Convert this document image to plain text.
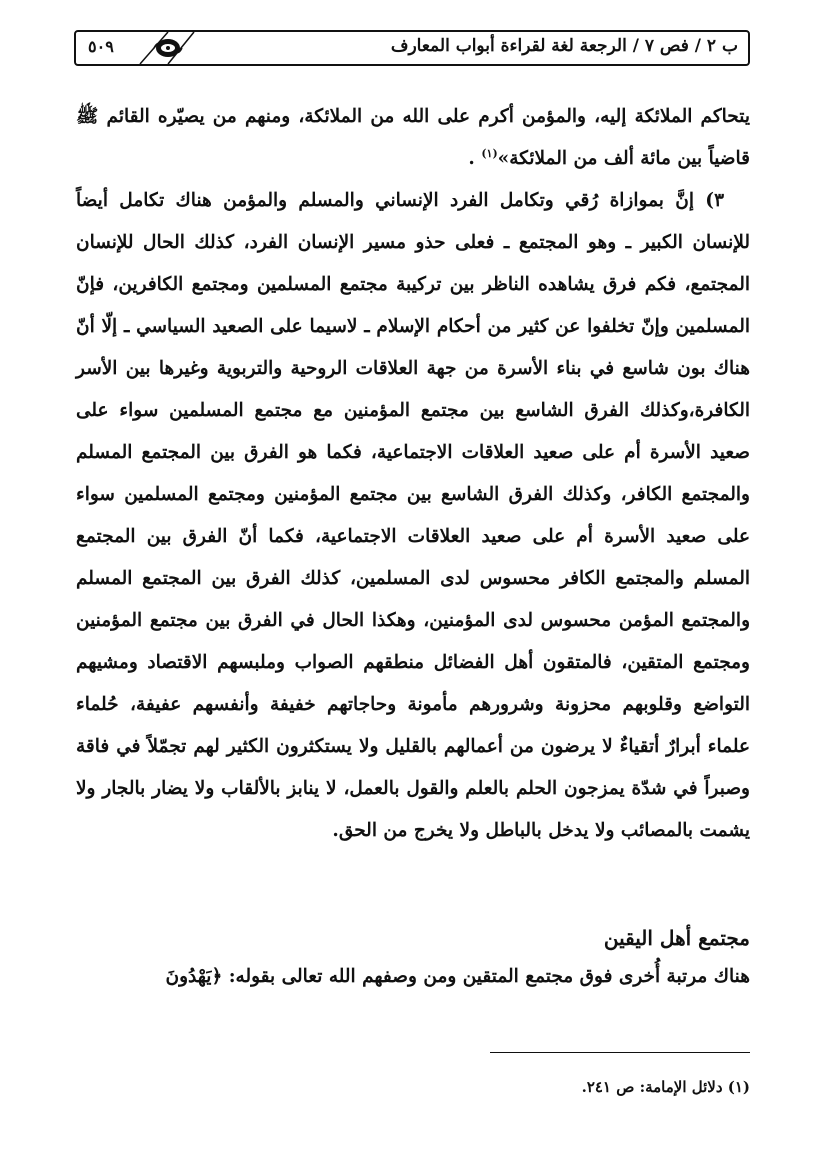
ب ٢ / فص ٧ / الرجعة لغة لقراءة أبواب المعارف
٥٠٩

يتحاكم الملائكة إليه، والمؤمن أكرم على الله من الملائكة، ومنهم من يصيّره القائم ﷺ قاضياً بين مائة ألف من الملائكة»$^{(١)}$ .

٣) إنَّ بموازاة رُقي وتكامل الفرد الإنساني والمسلم والمؤمن هناك تكامل أيضاً للإنسان الكبير ـ وهو المجتمع ـ فعلى حذو مسير الإنسان الفرد، كذلك الحال للإنسان المجتمع، فكم فرق يشاهده الناظر بين تركيبة مجتمع المسلمين ومجتمع الكافرين، فإنّ المسلمين وإنّ تخلفوا عن كثير من أحكام الإسلام ـ لاسيما على الصعيد السياسي ـ إلّا أنّ هناك بون شاسع في بناء الأسرة من جهة العلاقات الروحية والتربوية وغيرها بين الأسر الكافرة،وكذلك الفرق الشاسع بين مجتمع المؤمنين مع مجتمع المسلمين سواء على صعيد الأسرة أم على صعيد العلاقات الاجتماعية، فكما هو الفرق بين المجتمع المسلم والمجتمع الكافر، وكذلك الفرق الشاسع بين مجتمع المؤمنين ومجتمع المسلمين سواء على صعيد الأسرة أم على صعيد العلاقات الاجتماعية، فكما أنّ الفرق بين المجتمع المسلم والمجتمع الكافر محسوس لدى المسلمين، كذلك الفرق بين المجتمع المسلم والمجتمع المؤمن محسوس لدى المؤمنين، وهكذا الحال في الفرق بين مجتمع المؤمنين ومجتمع المتقين، فالمتقون أهل الفضائل منطقهم الصواب وملبسهم الاقتصاد ومشيهم التواضع وقلوبهم محزونة وشرورهم مأمونة وحاجاتهم خفيفة وأنفسهم عفيفة، حُلماء علماء أبرارٌ أتقياءٌ لا يرضون من أعمالهم بالقليل ولا يستكثرون الكثير لهم تجمّلاً في فاقة وصبراً في شدّة يمزجون الحلم بالعلم والقول بالعمل، لا ينابز بالألقاب ولا يضار بالجار ولا يشمت بالمصائب ولا يدخل بالباطل ولا يخرج من الحق.

مجتمع أهل اليقين
هناك مرتبة أُخرى فوق مجتمع المتقين ومن وصفهم الله تعالى بقوله: ﴿يَهْدُونَ
(١) دلائل الإمامة: ص ٢٤١.
